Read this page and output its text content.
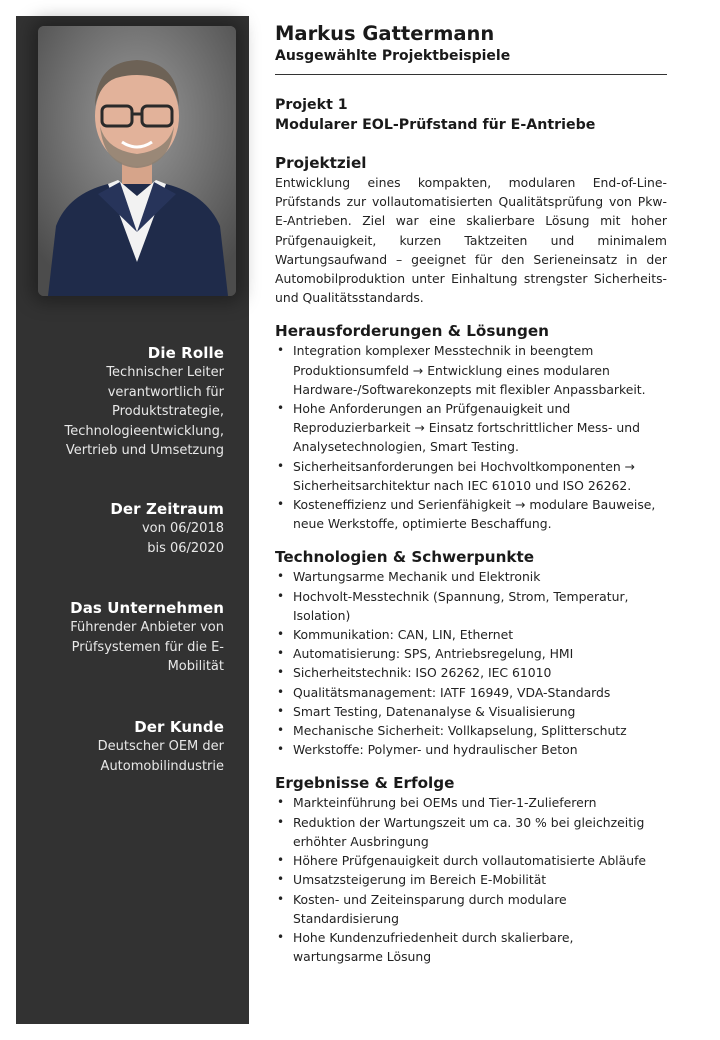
Die Rolle
Technischer Leiter verantwortlich für Produktstrategie, Technologieentwicklung, Vertrieb und Umsetzung
Der Zeitraum
von 06/2018
bis 06/2020
Das Unternehmen
Führender Anbieter von Prüfsystemen für die E-Mobilität
Der Kunde
Deutscher OEM der Automobilindustrie
Markus Gattermann
Ausgewählte Projektbeispiele
Projekt 1
Modularer EOL-Prüfstand für E-Antriebe
Projektziel
Entwicklung eines kompakten, modularen End-of-Line-Prüfstands zur vollautomatisierten Qualitätsprüfung von Pkw-E-Antrieben. Ziel war eine skalierbare Lösung mit hoher Prüfgenauigkeit, kurzen Taktzeiten und minimalem Wartungsaufwand – geeignet für den Serieneinsatz in der Automobilproduktion unter Einhaltung strengster Sicherheits- und Qualitätsstandards.
Herausforderungen & Lösungen
• Integration komplexer Messtechnik in beengtem Produktionsumfeld → Entwicklung eines modularen Hardware-/Softwarekonzepts mit flexibler Anpassbarkeit.
• Hohe Anforderungen an Prüfgenauigkeit und Reproduzierbarkeit → Einsatz fortschrittlicher Mess- und Analysetechnologien, Smart Testing.
• Sicherheitsanforderungen bei Hochvoltkomponenten → Sicherheitsarchitektur nach IEC 61010 und ISO 26262.
• Kosteneffizienz und Serienfähigkeit → modulare Bauweise, neue Werkstoffe, optimierte Beschaffung.
Technologien & Schwerpunkte
• Wartungsarme Mechanik und Elektronik
• Hochvolt-Messtechnik (Spannung, Strom, Temperatur, Isolation)
• Kommunikation: CAN, LIN, Ethernet
• Automatisierung: SPS, Antriebsregelung, HMI
• Sicherheitstechnik: ISO 26262, IEC 61010
• Qualitätsmanagement: IATF 16949, VDA-Standards
• Smart Testing, Datenanalyse & Visualisierung
• Mechanische Sicherheit: Vollkapselung, Splitterschutz
• Werkstoffe: Polymer- und hydraulischer Beton
Ergebnisse & Erfolge
• Markteinführung bei OEMs und Tier-1-Zulieferern
• Reduktion der Wartungszeit um ca. 30 % bei gleichzeitig erhöhter Ausbringung
• Höhere Prüfgenauigkeit durch vollautomatisierte Abläufe
• Umsatzsteigerung im Bereich E-Mobilität
• Kosten- und Zeiteinsparung durch modulare Standardisierung
• Hohe Kundenzufriedenheit durch skalierbare, wartungsarme Lösung
